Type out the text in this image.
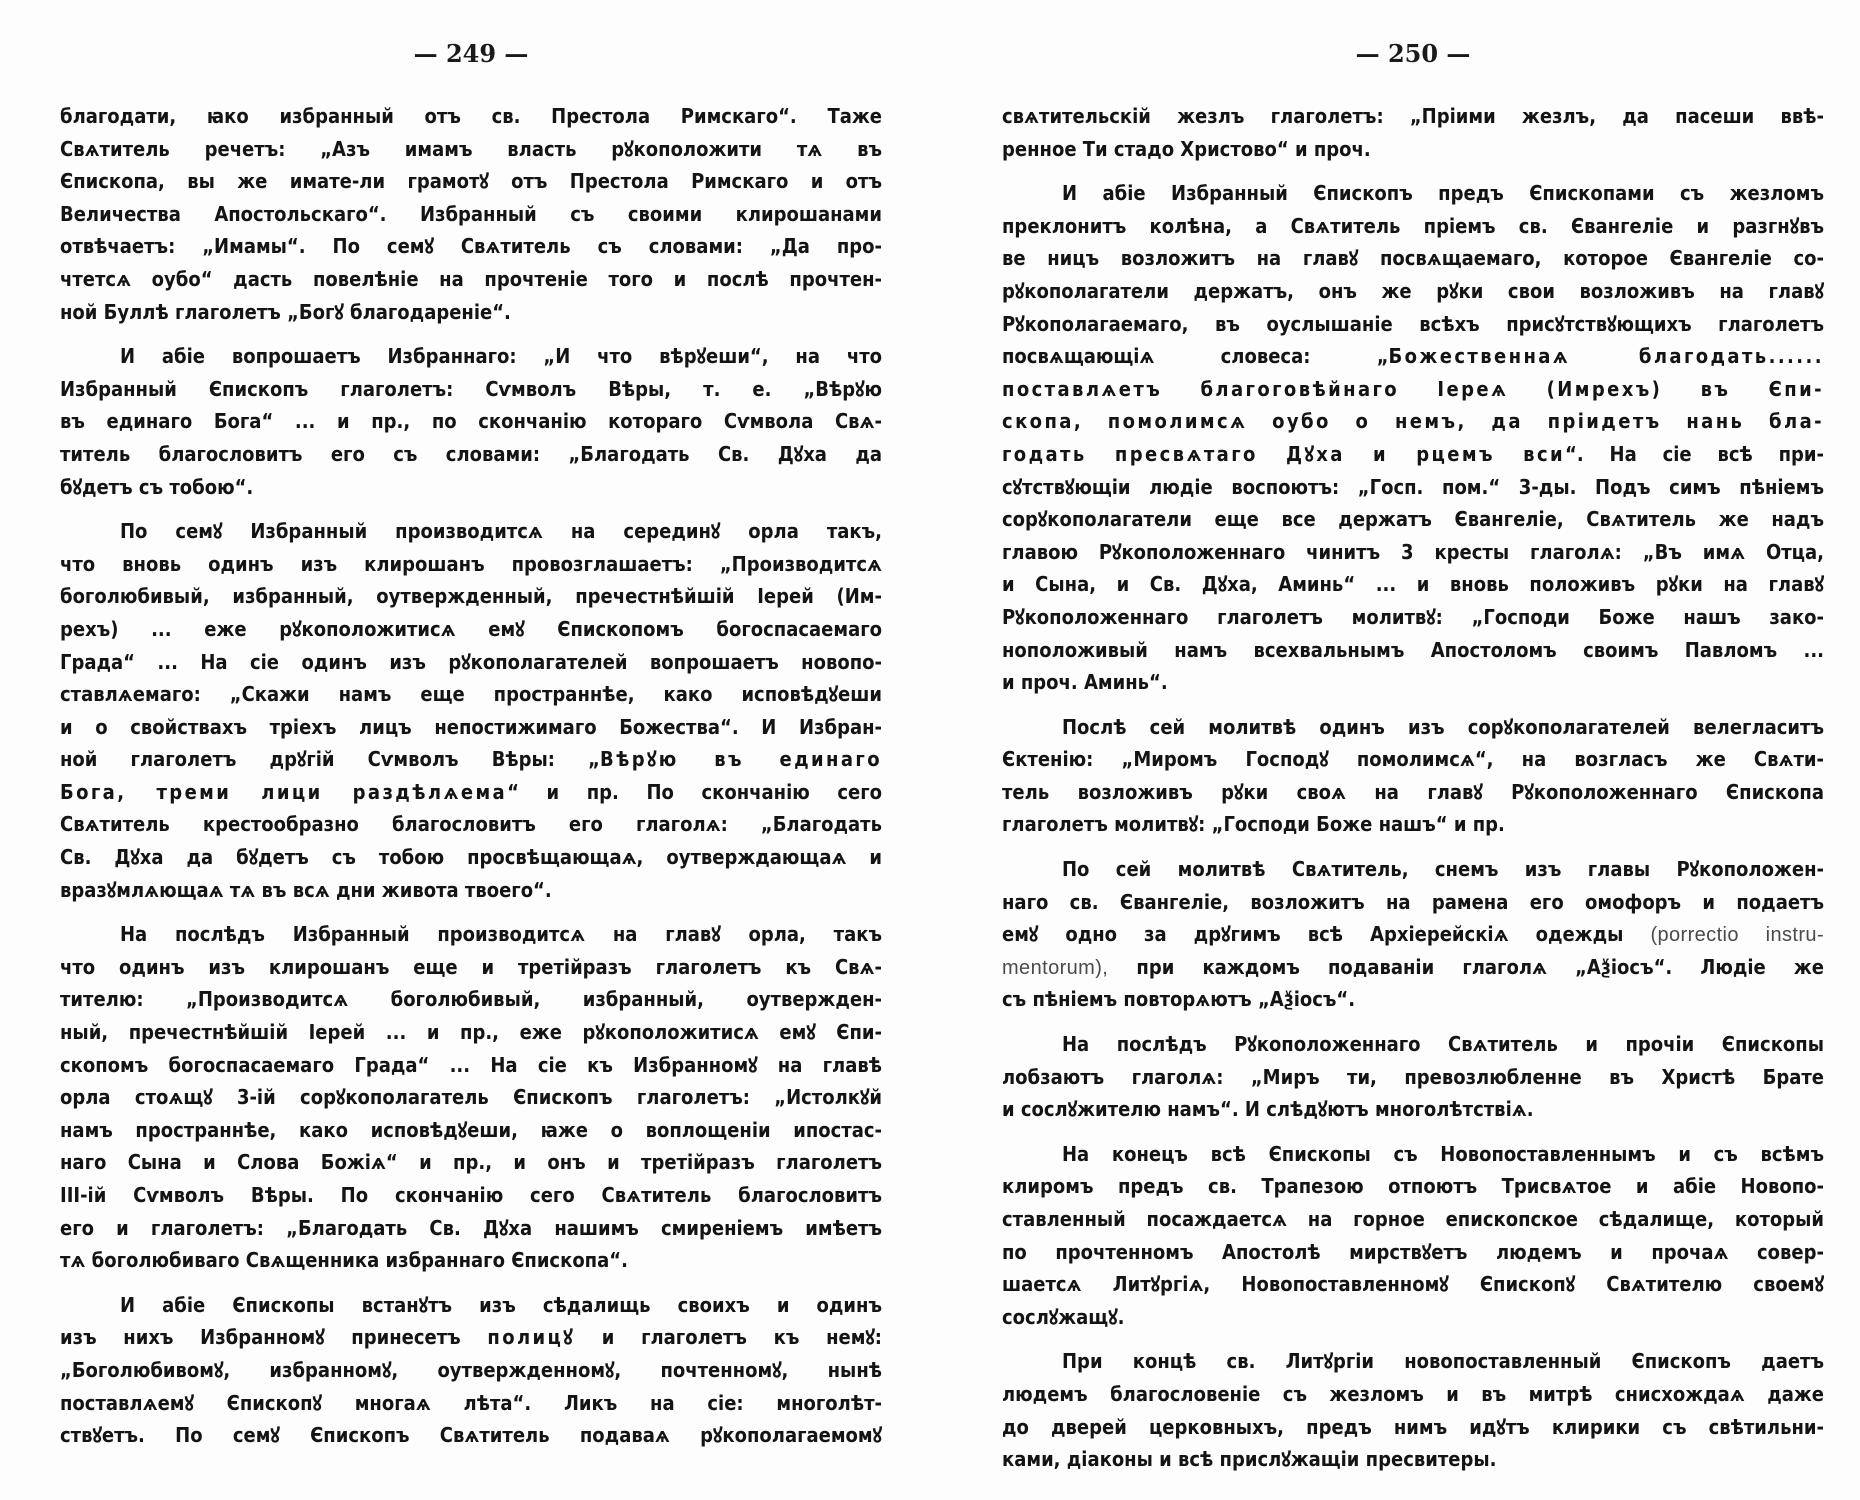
— 249 —
благодати, ꙗко избранный отъ св. Престола Римскаго“. Таже
Свѧтитель речетъ: „Азъ имамъ власть рꙋкоположити тѧ въ
Єпископа, вы же имате-ли грамотꙋ отъ Престола Римскаго и отъ
Величества Апостольскаго“. Избранный съ своими клирошанами
отвѣчаетъ: „Имамы“. По семꙋ Свѧтитель съ словами: „Да про-
чтетсѧ оубо“ дасть повелѣніе на прочтеніе того и послѣ прочтен-
ной Буллѣ глаголетъ „Богꙋ благодареніе“.
И абіе вопрошаетъ Избраннаго: „И что вѣрꙋеши“, на что
Избранный Єпископъ глаголетъ: Сѵмволъ Вѣры, т. е. „Вѣрꙋю
въ единаго Бога“ ... и пр., по скончанію котораго Сѵмвола Свѧ-
титель благословитъ его съ словами: „Благодать Св. Дꙋха да
бꙋдетъ съ тобою“.
По семꙋ Избранный производитсѧ на серединꙋ орла такъ,
что вновь одинъ изъ клирошанъ провозглашаетъ: „Производитсѧ
боголюбивый, избранный, оутвержденный, пречестнѣйшій Іерей (Им-
рехъ) ... еже рꙋкоположитисѧ емꙋ Єпископомъ богоспасаемаго
Града“ ... На сіе одинъ изъ рꙋкополагателей вопрошаетъ новопо-
ставлѧемаго: „Скажи намъ еще пространнѣе, како исповѣдꙋеши
и о свойствахъ тріехъ лицъ непостижимаго Божества“. И Избран-
ной глаголетъ дрꙋгій Сѵмволъ Вѣры: „Вѣрꙋю въ единаго
Бога, треми лици раздѣлѧема“ и пр. По скончанію сего
Свѧтитель крестообразно благословитъ его глаголѧ: „Благодать
Св. Дꙋха да бꙋдетъ съ тобою просвѣщающаѧ, оутверждающаѧ и
вразꙋмлѧющаѧ тѧ въ всѧ дни живота твоего“.
На послѣдъ Избранный производитсѧ на главꙋ орла, такъ
что одинъ изъ клирошанъ еще и третійразъ глаголетъ къ Свѧ-
тителю: „Производитсѧ боголюбивый, избранный, оутвержден-
ный, пречестнѣйшій Іерей ... и пр., еже рꙋкоположитисѧ емꙋ Єпи-
скопомъ богоспасаемаго Града“ ... На сіе къ Избранномꙋ на главѣ
орла стоѧщꙋ 3-ій сорꙋкополагатель Єпископъ глаголетъ: „Истолкꙋй
намъ пространнѣе, како исповѣдꙋеши, ꙗже о воплощеніи ипостас-
наго Сына и Слова Божіѧ“ и пр., и онъ и третійразъ глаголетъ
III-ій Сѵмволъ Вѣры. По скончанію сего Свѧтитель благословитъ
его и глаголетъ: „Благодать Св. Дꙋха нашимъ смиреніемъ имѣетъ
тѧ боголюбиваго Свѧщенника избраннаго Єпископа“.
И абіе Єпископы встанꙋтъ изъ сѣдалищь своихъ и одинъ
изъ нихъ Избранномꙋ принесетъ полицꙋ и глаголетъ къ немꙋ:
„Боголюбивомꙋ, избранномꙋ, оутвержденномꙋ, почтенномꙋ, нынѣ
поставлѧемꙋ Єпископꙋ многаѧ лѣта“. Ликъ на сіе: многолѣт-
ствꙋетъ. По семꙋ Єпископъ Свѧтитель подаваѧ рꙋкополагаемомꙋ
— 250 —
свѧтительскій жезлъ глаголетъ: „Пріими жезлъ, да пасеши ввѣ-
ренное Ти стадо Христово“ и проч.
И абіе Избранный Єпископъ предъ Єпископами съ жезломъ
преклонитъ колѣна, а Свѧтитель пріемъ св. Євангеліе и разгнꙋвъ
ве ницъ возложитъ на главꙋ посвѧщаемаго, которое Євангеліе со-
рꙋкополагатели держатъ, онъ же рꙋки свои возложивъ на главꙋ
Рꙋкополагаемаго, въ оуслышаніе всѣхъ присꙋтствꙋющихъ глаголетъ
посвѧщающіѧ словеса: „Божественнаѧ благодать......
поставлѧетъ благоговѣйнаго Іереѧ (Имрехъ) въ Єпи-
скопа, помолимсѧ оубо о немъ, да пріидетъ нань бла-
годать пресвѧтаго Дꙋха и рцемъ вси“. На сіе всѣ при-
сꙋтствꙋющіи людіе воспоютъ: „Госп. пом.“ 3-ды. Подъ симъ пѣніемъ
сорꙋкополагатели еще все держатъ Євангеліе, Свѧтитель же надъ
главою Рꙋкоположеннаго чинитъ 3 кресты глаголѧ: „Въ имѧ Отца,
и Сына, и Св. Дꙋха, Аминь“ ... и вновь положивъ рꙋки на главꙋ
Рꙋкоположеннаго глаголетъ молитвꙋ: „Господи Боже нашъ зако-
ноположивый намъ всехвальнымъ Апостоломъ своимъ Павломъ ...
и проч. Аминь“.
Послѣ сей молитвѣ одинъ изъ сорꙋкополагателей велегласитъ
Єктенію: „Миромъ Господꙋ помолимсѧ“, на возгласъ же Свѧти-
тель возложивъ рꙋки своѧ на главꙋ Рꙋкоположеннаго Єпископа
глаголетъ молитвꙋ: „Господи Боже нашъ“ и пр.
По сей молитвѣ Свѧтитель, снемъ изъ главы Рꙋкоположен-
наго св. Євангеліе, возложитъ на рамена его омофоръ и подаетъ
емꙋ одно за дрꙋгимъ всѣ Архіерейскіѧ одежды (porrectio instru-
mentorum), при каждомъ подаваніи глаголѧ „Аѯіосъ“. Людіе же
съ пѣніемъ повторѧютъ „Аѯіосъ“.
На послѣдъ Рꙋкоположеннаго Свѧтитель и прочіи Єпископы
лобзаютъ глаголѧ: „Миръ ти, превозлюбленне въ Христѣ Брате
и сослꙋжителю намъ“. И слѣдꙋютъ многолѣтствіѧ.
На конецъ всѣ Єпископы съ Новопоставленнымъ и съ всѣмъ
клиромъ предъ св. Трапезою отпоютъ Трисвѧтое и абіе Новопо-
ставленный посаждаетсѧ на горное епископское сѣдалище, который
по прочтенномъ Апостолѣ мирствꙋетъ людемъ и прочаѧ совер-
шаетсѧ Литꙋргіѧ, Новопоставленномꙋ Єпископꙋ Свѧтителю своемꙋ
сослꙋжащꙋ.
При концѣ св. Литꙋргіи новопоставленный Єпископъ даетъ
людемъ благословеніе съ жезломъ и въ митрѣ снисхождаѧ даже
до дверей церковныхъ, предъ нимъ идꙋтъ клирики съ свѣтильни-
ками, діаконы и всѣ прислꙋжащіи пресвитеры.
